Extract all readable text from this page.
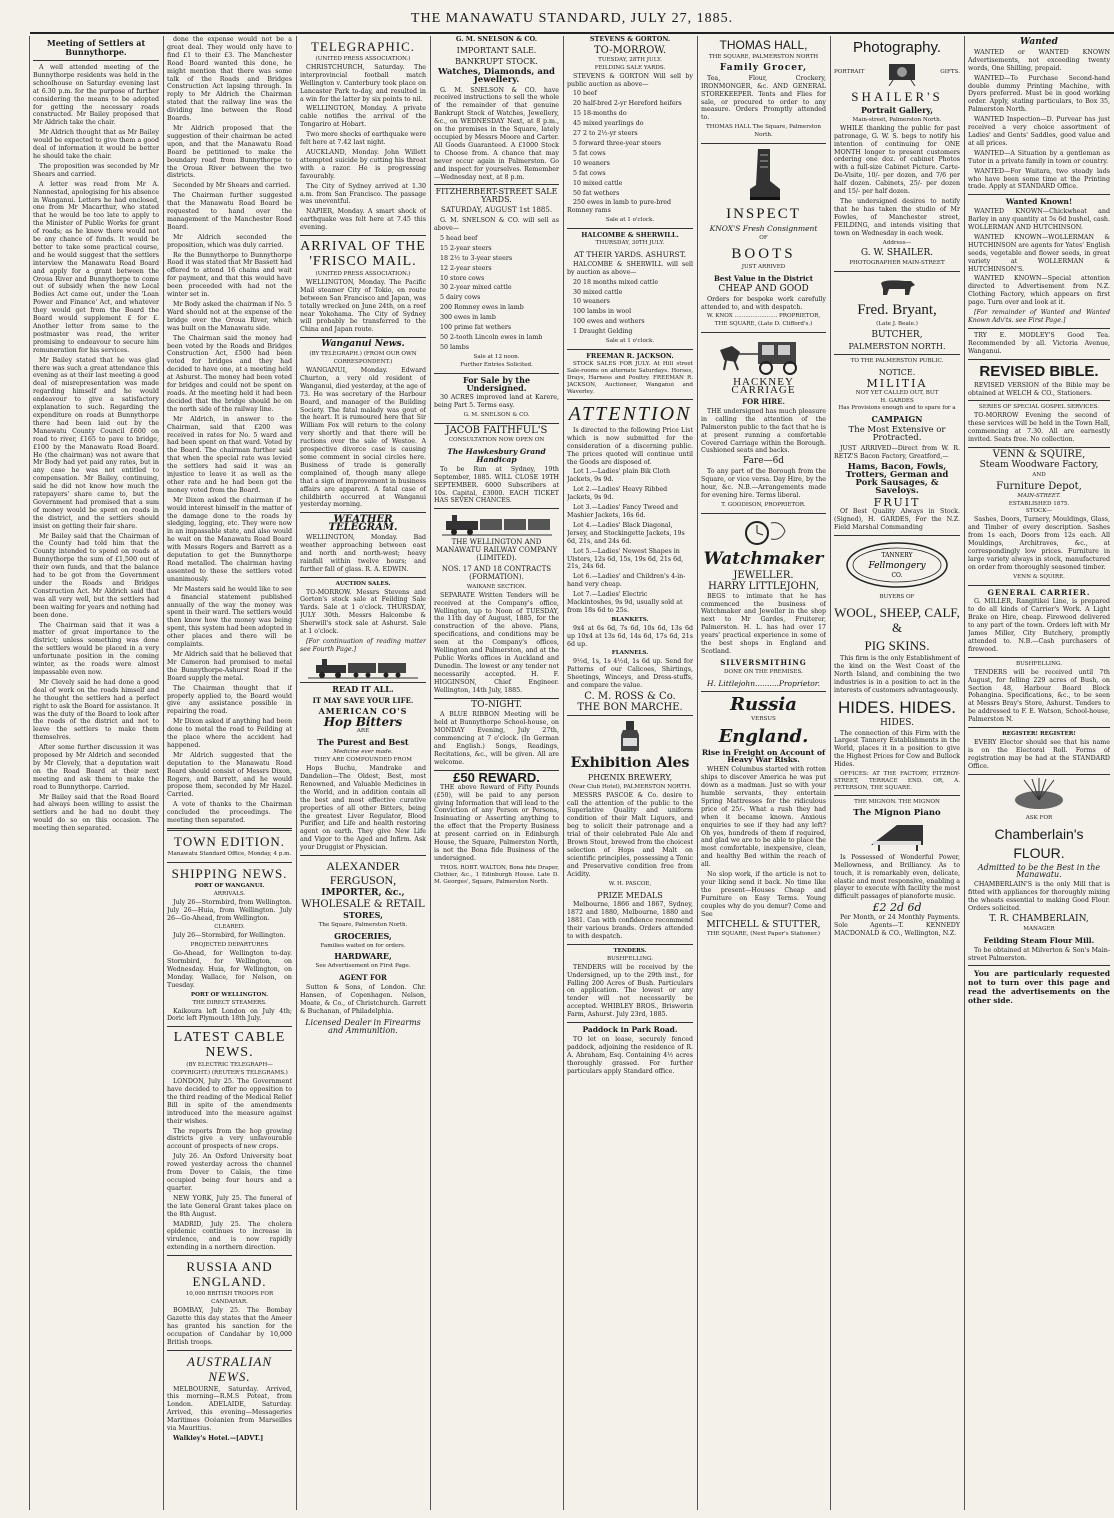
THE MANAWATU STANDARD, JULY 27, 1885.
Meeting of Settlers at Bunnythorpe.

A well attended meeting of the Bunnythorpe residents was held in the schoolhouse on Saturday evening last at 6.30 p.m. for the purpose of further considering the means to be adopted for getting the necessary roads constructed. Mr Bailey proposed that Mr Aldrich take the chair.

Mr Aldrich thought that as Mr Bailey would be expected to give them a good deal of information it would be better he should take the chair.

The proposition was seconded by Mr Shears and carried.

A letter was read from Mr A. Nannestad, apologising for his absence in Wanganui. Letters he had enclosed, one from Mr Macarthur, who stated that he would be too late to apply to the Minister of Public Works for grant of roads; as he knew there would not be any chance of funds. It would be better to take some practical course, and he would suggest that the settlers interview the Manawatu Road Board and apply for a grant between the Oroua River and Bunnythorpe to come out of subsidy when the new Local Bodies Act came out, under the 'Loan Power and Finance' Act, and whatever they would get from the Board the Board would supplement £ for £. Another letter from same to the postmaster was read, the writer promising to endeavour to secure him remuneration for his services.

Mr Bailey stated that he was glad there was such a great attendance this evening as at their last meeting a good deal of misrepresentation was made regarding himself and he would endeavour to give a satisfactory explanation to such. Regarding the expenditure on roads at Bunnythorpe there had been laid out by the Manawatu County Council £600 on road to river, £165 to pave to bridge, £100 by the Manawatu Road Board. He (the chairman) was not aware that Mr Body had yet paid any rates, but in any case he was not entitled to compensation. Mr Bailey, continuing, said he did not know how much the ratepayers' share came to, but the Government had promised that a sum of money would be spent on roads in the district, and the settlers should insist on getting their fair share.

Mr Bailey said that the Chairman of the County had told him that the County intended to spend on roads at Bunnythorpe the sum of £1,500 out of their own funds, and that the balance had to be got from the Government under the Roads and Bridges Construction Act. Mr Aldrich said that was all very well, but the settlers had been waiting for years and nothing had been done.

The Chairman said that it was a matter of great importance to the district; unless something was done the settlers would be placed in a very unfortunate position in the coming winter, as the roads were almost impassable even now.

Mr Clevely said he had done a good deal of work on the roads himself and he thought the settlers had a perfect right to ask the Board for assistance. It was the duty of the Board to look after the roads of the district and not to leave the settlers to make them themselves.

After some further discussion it was proposed by Mr Aldrich and seconded by Mr Clevely, that a deputation wait on the Road Board at their next meeting and ask them to make the road to Bunnythorpe. Carried.

Mr Bailey said that the Road Board had always been willing to assist the settlers and he had no doubt they would do so on this occasion. The meeting then separated.

done the expense would not be a great deal. They would only have to find £1 to their £3. The Manchester Road Board wanted this done, he might mention that there was some talk of the Roads and Bridges Construction Act lapsing through. In reply to Mr Aldrich the Chairman stated that the railway line was the dividing line between the Road Boards.

Mr Aldrich proposed that the suggestion of their chairman be acted upon, and that the Manawatu Road Board be petitioned to make the boundary road from Bunnythorpe to the Oroua River between the two districts.

Seconded by Mr Shears and carried.

The Chairman further suggested that the Manawatu Road Board be requested to hand over the management of the Manchester Road Board.

Mr Aldrich seconded the proposition, which was duly carried.

Re the Bunnythorpe to Bunnythorpe Road it was stated that Mr Bassett had offered to attend 16 chains and wait for payment, and that this would have been proceeded with had not the winter set in.

Mr Body asked the chairman if No. 5 Ward should not at the expense of the bridge over the Oroua River, which was built on the Manawatu side.

The Chairman said the money had been voted by the Roads and Bridges Construction Act, £500 had been voted for bridges and they had decided to have one, at a meeting held at Ashurst. The money had been voted for bridges and could not be spent on roads. At the meeting held it had been decided that the bridge should be on the north side of the railway line.

Mr Aldrich, in answer to the Chairman, said that £200 was received in rates for No. 5 ward and had been spent on that ward. Voted by the Board. The chairman further said that when the special rate was levied the settlers had said it was an injustice to leave it as well as the other rate and he had been got the money voted from the Board.

Mr Dixon asked the chairman if he would interest himself in the matter of the damage done to the roads by sledging, logging, etc. They were now in an impassable state, and also would he wait on the Manawatu Road Board with Messrs Rogers and Barrett as a deputation to get the Bunnythorpe Road metalled. The chairman having assented to these the settlers voted unanimously.

Mr Masters said he would like to see a financial statement published annually of the way the money was spent in their ward. The settlers would then know how the money was being spent, this system had been adopted in other places and there will be complaints.

Mr Aldrich said that he believed that Mr Cameron had promised to metal the Bunnythorpe-Ashurst Road if the Board supply the metal.

The Chairman thought that if properly applied to, the Board would give any assistance possible in repairing the road.

Mr Dixon asked if anything had been done to metal the road to Feilding at the place where the accident had happened.

Mr Aldrich suggested that the deputation to the Manawatu Road Board should consist of Messrs Dixon, Rogers, and Barrett, and he would propose them, seconded by Mr Hazel. Carried.

A vote of thanks to the Chairman concluded the proceedings. The meeting then separated.

TOWN EDITION.
Manawatu Standard Office, Monday, 4 p.m.
SHIPPING NEWS.
PORT OF WANGANUI.
ARRIVALS.

July 26—Stormbird, from Wellington. July 26—Huia, from Wellington. July 26—Go-Ahead, from Wellington.

CLEARED.

July 26—Stormbird, for Wellington.

PROJECTED DEPARTURES

Go-Ahead, for Wellington to-day. Stormbird, for Wellington, on Wednesday. Huia, for Wellington, on Monday. Wallace, for Nelson, on Tuesday.

PORT OF WELLINGTON.
THE DIRECT STEAMERS.

Kaikoura left London on July 4th; Doric left Plymouth 18th July.

LATEST CABLE NEWS.
(BY ELECTRIC TELEGRAPH—COPYRIGHT.) (REUTER'S TELEGRAMS.)

LONDON, July 25. The Government have decided to offer no opposition to the third reading of the Medical Relief Bill in spite of the amendments introduced into the measure against their wishes.

The reports from the hop growing districts give a very unfavourable account of prospects of new crops.

July 26. An Oxford University boat rowed yesterday across the channel from Dover to Calais, the time occupied being four hours and a quarter.

NEW YORK, July 25. The funeral of the late General Grant takes place on the 8th August.

MADRID, July 25. The cholera epidemic continues to increase in virulence, and is now rapidly extending in a northern direction.

RUSSIA AND ENGLAND.
10,000 BRITISH TROOPS FOR CANDAHAR.

BOMBAY, July 25. The Bombay Gazette this day states that the Ameer has granted his sanction for the occupation of Candahar by 10,000 British troops.

AUSTRALIAN NEWS.

MELBOURNE, Saturday. Arrived, this morning—R.M.S Poteat, from London. ADELAIDE, Saturday. Arrived, this evening—Messageries Maritimes Océanien from Marseilles via Mauritius.

Walkley's Hotel.—[ADVT.]

TELEGRAPHIC.
(UNITED PRESS ASSOCIATION.)

CHRISTCHURCH, Saturday. The interprovincial football match Wellington v. Canterbury took place on Lancaster Park to-day, and resulted in a win for the latter by six points to nil.

WELLINGTON, Monday. A private cable notifies the arrival of the Tongariro at Hobart.

Two more shocks of earthquake were felt here at 7.42 last night.

AUCKLAND, Monday. John Willett attempted suicide by cutting his throat with a razor. He is progressing favourably.

The City of Sydney arrived at 1.30 a.m. from San Francisco. The passage was uneventful.

NAPIER, Monday. A smart shock of earthquake was felt here at 7.45 this evening.

ARRIVAL OF THE 'FRISCO MAIL.
(UNITED PRESS ASSOCIATION.)

WELLINGTON, Monday. The Pacific Mail steamer City of Tokio, en route between San Francisco and Japan, was totally wrecked on June 24th, on a reef near Yokohama. The City of Sydney will probably be transferred to the China and Japan route.

Wanganui News.
(BY TELEGRAPH.) (FROM OUR OWN CORRESPONDENT.)

WANGANUI, Monday. Edward Churton, a very old resident of Wanganui, died yesterday, at the age of 73. He was secretary of the Harbour Board, and manager of the Building Society. The fatal malady was gout of the heart. It is rumoured here that Sir William Fox will return to the colony very shortly and that there will be ructions over the sale of Westoe. A prospective divorce case is causing some comment in social circles here. Business of trade is generally complained of, though many allege that a sign of improvement in business affairs are apparent. A fatal case of childbirth occurred at Wanganui yesterday morning.

WEATHER TELEGRAM.

WELLINGTON, Monday. Bad weather approaching between east and north and north-west; heavy rainfall within twelve hours; and further fall of glass. R. A. EDWIN.

AUCTION SALES.

TO-MORROW. Messrs Stevens and Gorton's stock sale at Feilding Sale Yards. Sale at 1 o'clock. THURSDAY, JULY 30th. Messrs Halcombe & Sherwill's stock sale at Ashurst. Sale at 1 o'clock.

[For continuation of reading matter see Fourth Page.]

READ IT ALL.
IT MAY SAVE YOUR LIFE.
AMERICAN CO'S
Hop Bitters
ARE
The Purest and Best
Medicine ever made.
THEY ARE COMPOUNDED FROM

Hops Buchu, Mandrake and Dandelion—The Oldest, Best, most Renowned, and Valuable Medicines in the World, and in addition contain all the best and most effective curative properties of all other Bitters, being the greatest Liver Regulator, Blood Purifier, and Life and health restoring agent on earth. They give New Life and Vigor to the Aged and Infirm. Ask your Druggist or Physician.

ALEXANDER FERGUSON,
IMPORTER, &c.,
WHOLESALE & RETAIL
STORES,
The Square, Palmerston North.
GROCERIES,
Families waited on for orders.
HARDWARE,
See Advertisement on First Page.
AGENT FOR

Sutton & Sons, of London. Chr. Hansen, of Copenhagen. Nelson, Moate, & Co., of Christchurch. Garrett & Buchanan, of Philadelphia.

Licensed Dealer in Firearms and Ammunition.
G. M. SNELSON & CO.
IMPORTANT SALE.
BANKRUPT STOCK.
Watches, Diamonds, and Jewellery.

G. M. SNELSON & CO. have received instructions to sell the whole of the remainder of that genuine Bankrupt Stock of Watches, Jewellery, &c., on WEDNESDAY Next, at 8 p.m., on the premises in the Square, lately occupied by Messrs Moore and Carter. All Goods Guaranteed. A £1000 Stock to Choose from. A chance that may never occur again in Palmerston. Go and inspect for yourselves. Remember—Wednesday next, at 8 p.m.

FITZHERBERT-STREET SALE YARDS.
SATURDAY, AUGUST 1st 1885.

G. M. SNELSON & CO. will sell as above—

5 head beef

15 2-year steers

18 2½ to 3-year steers

12 2-year steers

10 store cows

30 2-year mixed cattle

5 dairy cows

200 Romney ewes in lamb

300 ewes in lamb

100 prime fat wethers

50 2-tooth Lincoln ewes in lamb

50 lambs

Sale at 12 noon.
Further Entries Solicited.
For Sale by the Undersigned.

30 ACRES improved land at Karere, being Part 5. Terms easy.

G. M. SNELSON & CO.
JACOB FAITHFUL'S
CONSULTATION NOW OPEN ON
The Hawkesbury Grand Handicap

To be Run at Sydney, 19th September, 1885. WILL CLOSE 19TH SEPTEMBER. 6000 Subscribers at 10s. Capital, £3000. EACH TICKET HAS SEVEN CHANCES.

THE WELLINGTON AND MANAWATU RAILWAY COMPANY (LIMITED).
NOS. 17 AND 18 CONTRACTS (FORMATION).
WAIKANE SECTION.

SEPARATE Written Tenders will be received at the Company's office, Wellington, up to Noon of TUESDAY, the 11th day of August, 1885, for the construction of the above. Plans, specifications, and conditions may be seen at the Company's offices, Wellington and Palmerston, and at the Public Works offices in Auckland and Dunedin. The lowest or any tender not necessarily accepted. H. F. HIGGINSON, Chief Engineer. Wellington, 14th July, 1885.

TO-NIGHT.

A BLUE RIBBON Meeting will be held at Bunnythorpe School-house, on MONDAY Evening, July 27th, commencing at 7 o'clock. (In German and English.) Songs, Readings, Recitations, &c., will be given. All are welcome.

£50 REWARD.

THE above Reward of Fifty Pounds (£50), will be paid to any person giving Information that will lead to the Conviction of any Person or Persons, Insinuating or Asserting anything to the effect that the Property Business at present carried on in Edinburgh House, the Square, Palmerston North, is not the Bona fide Business of the undersigned.

THOS. ROBT. WALTON, Bona fide Draper, Clothier, &c., 1 Edinburgh House. Late D. M. Georges', Square, Palmerston North.

STEVENS & GORTON.
TO-MORROW.
TUESDAY, 28TH JULY.
FEILDING SALE YARDS.

STEVENS & GORTON Will sell by public auction as above—

10 beef

20 half-bred 2-yr Hereford heifers

15 18-months do

45 mixed yearlings do

27 2 to 2½-yr steers

5 forward three-year steers

5 fat cows

10 weaners

5 fat cows

10 mixed cattle

50 fat wethers

250 ewes in lamb to pure-bred Romney rams

Sale at 1 o'clock.
HALCOMBE & SHERWILL.
THURSDAY, 30TH JULY.
AT THEIR YARDS. ASHURST.

HALCOMBE & SHERWILL will sell by auction as above—

20 18 months mixed cattle

30 mixed cattle

10 weaners

100 lambs in wool

100 ewes and wethers

1 Draught Gelding

Sale at 1 o'clock.
FREEMAN R. JACKSON.

STOCK SALES FOR JULY. At Hill street Sale-rooms on alternate Saturdays. Horses, Drays, Harness and Poultry. FREEMAN R. JACKSON, Auctioneer, Wanganui and Waverley.

ATTENTION

Is directed to the following Price List which is now submitted for the consideration of a discerning public. The prices quoted will continue until the Goods are disposed of.

Lot 1.—Ladies' plain Bik Cloth Jackets, 9s 9d.

Lot 2.—Ladies' Heavy Ribbed Jackets, 9s 9d.

Lot 3.—Ladies' Fancy Tweed and Mashier Jackets, 16s 6d.

Lot 4.—Ladies' Black Diagonal, Jersey, and Stockingette Jackets, 19s 6d, 21s, and 24s 6d.

Lot 5.—Ladies' Newest Shapes in Ulsters, 12s 6d, 15s, 19s 6d, 21s 6d, 21s, 24s 6d.

Lot 6.—Ladies' and Children's 4-in-hand very cheap.

Lot 7.—Ladies' Electric Mackintoshes, 9s 9d, usually sold at from 18s 6d to 25s.

BLANKETS.

9x4 at 6s 6d, 7s 6d, 10s 6d, 13s 6d up 10x4 at 13s 6d, 14s 6d, 17s 6d, 21s 6d up.

FLANNELS.

9½d, 1s, 1s 4½d, 1s 6d up. Send for Patterns of our Calicoes, Shirtings, Sheetings, Winceys, and Dress-stuffs, and compare the value.

C. M. ROSS & Co.
THE BON MARCHE.
Exhibition Ales
PHŒNIX BREWERY,
(Near Club Hotel), PALMERSTON NORTH.

MESSRS PASCOE & Co. desire to call the attention of the public to the Superlative Quality and uniform condition of their Malt Liquors, and beg to solicit their patronage and a trial of their celebrated Pale Ale and Brown Stout, brewed from the choicest selection of Hops and Malt on scientific principles, possessing a Tonic and Preservative condition free from Acidity.

W. H. PASCOE,
PRIZE MEDALS

Melbourne, 1866 and 1867, Sydney, 1872 and 1880, Melbourne, 1880 and 1881. Can with confidence recommend their various brands. Orders attended to with despatch.

TENDERS.
BUSHFELLING.

TENDERS will be received by the Undersigned, up to the 29th inst., for Falling 200 Acres of Bush. Particulars on application. The lowest or any tender will not necessarily be accepted. WHIBLEY BROS., Briswerin Farm, Ashurst. July 23rd, 1885.

Paddock in Park Road.

TO let on lease, securely fenced paddock, adjoining the residence of R. A. Abraham, Esq. Containing 4½ acres thoroughly grassed. For further particulars apply Standard office.

THOMAS HALL,
THE SQUARE, PALMERSTON NORTH
Family Grocer,

Tea, Flour, Crockery, IRONMONGER, &c. AND GENERAL STOREKEEPER. Tents and Flies for sale, or procured to order to any measure. Orders Promptly attended to.

THOMAS HALL The Square, Palmerston North.
INSPECT
KNOX'S Fresh Consignment
OF
BOOTS
JUST ARRIVED
Best Value in the District
CHEAP AND GOOD

Orders for bespoke work carefully attended to, and with despatch.

W. KNOX ........................ PROPRIETOR, THE SQUARE, (Late D. Clifford's.)
HACKNEY CARRIAGE
FOR HIRE.

THE undersigned has much pleasure in calling the attention of the Palmerston public to the fact that he is at present running a comfortable Covered Carriage within the Borough. Cushioned seats and backs.

Fare—6d

To any part of the Borough from the Square, or vice versa. Day Hire, by the hour, &c. N.B.—Arrangements made for evening hire. Terms liberal.

T. GOODISON, PROPRIETOR.
Watchmaker
JEWELLER.
HARRY LITTLEJOHN,

BEGS to intimate that he has commenced the business of Watchmaker and Jeweller in the shop next to Mr Gardes, Fruiterer, Palmerston. H. L. has had over 17 years' practical experience in some of the best shops in England and Scotland.

SILVERSMITHING
DONE ON THE PREMISES.
H. Littlejohn..........Proprietor.
Russia
VERSUS
England.
Rise in Freight on Account of Heavy War Risks.

WHEN Columbus started with rotten ships to discover America he was put down as a madman. Just so with your humble servants, they entertain Spring Mattresses for the ridiculous price of 25/-. What a rush they had when it became known. Anxious enquiries to see if they had any left? Oh yes, hundreds of them if required, and glad we are to be able to place the most comfortable, inexpensive, clean, and healthy Bed within the reach of all.

No slop work, if the article is not to your liking send it back. No time like the present—Houses Cheap and Furniture on Easy Terms. Young couples why do you demur? Come and See

MITCHELL & STUTTER,
THE SQUARE, (Next Paper's Stationer.)
Photography.
PORTRAIT	GIFTS.
SHAILER'S
Portrait Gallery,
Main-street, Palmerston North.

WHILE thanking the public for past patronage, G. W. S. begs to notify his intention of continuing for ONE MONTH longer to present customers ordering one doz. of cabinet Photos with a full-size Cabinet Picture. Carte-De-Visite, 10/- per dozen, and 7/6 per half dozen. Cabinets, 25/- per dozen and 15/- per half dozen.

The undersigned desires to notify that he has taken the studio of Mr Fowles, of Manchester street, FEILDING, and intends visiting that town on Wednesday in each week.

Address—
G. W. SHAILER.
PHOTOGRAPHER MAIN-STREET
Fred. Bryant,
(Late J. Beale.)
BUTCHER,
PALMERSTON NORTH.
TO THE PALMERSTON PUBLIC.
NOTICE.
MILITIA
NOT YET CALLED OUT, BUT
H. GARDES
Has Provisions enough and to spare for a
CAMPAIGN
The Most Extensive or Protracted.

JUST ARRIVED—Direct from W. R. RETZ'S Bacon Factory, Greatford,—

Hams, Bacon, Fowls, Trotters, German and Pork Sausages, & Saveloys.
FRUIT

Of Best Quality Always in Stock. (Signed), H. GARDES, For the N.Z. Field Marshal Commanding

TANNERY
Fellmongery
CO.
BUYERS OF
WOOL, SHEEP, CALF, &
PIG SKINS.

This firm is the only Establishment of the kind on the West Coast of the North Island, and combining the two industries is in a position to act in the interests of customers advantageously.

HIDES. HIDES.
HIDES.

The connection of this Firm with the Largest Tannery Establishments in the World, places it in a position to give the Highest Prices for Cow and Bullock Hides.

OFFICES: AT THE FACTORY, FITZROY-STREET, TERRACE END. OR, A. PETERSON, THE SQUARE.

THE MIGNON. THE MIGNON
The Mignon Piano

Is Possessed of Wonderful Power, Mellowness, and Brilliancy. As to touch, it is remarkably even, delicate, elastic and most responsive, enabling a player to execute with facility the most difficult passages of pianoforte music.

£2 2d 6d

Per Month, or 24 Monthly Payments. Sole Agents—T. KENNEDY MACDONALD & CO., Wellington, N.Z.

Wanted

WANTED or WANTED KNOWN Advertisements, not exceeding twenty words, One Shilling, prepaid.

WANTED—To Purchase Second-hand double dummy Printing Machine, with Dyers preferred. Must be in good working order. Apply, stating particulars, to Box 35, Palmerston North.

WANTED Inspection—D. Purvear has just received a very choice assortment of Ladies' and Gents' Saddles, good value and at all prices.

WANTED—A Situation by a gentleman as Tutor in a private family in town or country.

WANTED—For Waitara, two steady lads who have been some time at the Printing trade. Apply at STANDARD Office.

Wanted Known!

WANTED KNOWN—Chickwheat and Barley in any quantity at 5s 6d bushel, cash. WOLLERMAN AND HUTCHINSON.

WANTED KNOWN—WOLLERMAN & HUTCHINSON are agents for Yates' English seeds, vegetable and flower seeds, in great variety at WOLLERMAN & HUTCHINSON'S.

WANTED KNOWN—Special attention directed to Advertisement from N.Z. Clothing Factory, which appears on first page. Turn over and look at it.

[For remainder of Wanted and Wanted Known Adv'ts. see First Page.]

TRY E. MODLEY'S Good Tea. Recommended by all. Victoria Avenue, Wanganui.

REVISED BIBLE.

REVISED VERSION of the Bible may be obtained at WELCH & CO., Stationers.

SERIES OF SPECIAL GOSPEL SERVICES.

TO-MORROW Evening the second of these services will be held in the Town Hall, commencing at 7.30. All are earnestly invited. Seats free. No collection.

VENN & SQUIRE,
Steam Woodware Factory,
AND
Furniture Depot,
MAIN-STREET.
ESTABLISHED 1875.
STOCK—

Sashes, Doors, Turnery, Mouldings, Glass, and Timber of every description. Sashes from 1s each, Doors from 12s each. All Mouldings, Architraves, &c., at correspondingly low prices. Furniture in large variety always in stock, manufactured on order from thoroughly seasoned timber.

VENN & SQUIRE.
GENERAL CARRIER.

G. MILLER, Rangitikei Line, is prepared to do all kinds of Carrier's Work. A Light Brake on Hire, cheap. Firewood delivered to any part of the town. Orders left with Mr James Miller, City Butchery, promptly attended to. N.B.—Cash purchasers of firewood.

BUSHFELLING.

TENDERS will be received until 7th August, for felling 229 acres of Bush, on Section 48, Harbour Board Block Pohangina. Specifications, &c., to be seen at Messrs Bray's Store, Ashurst. Tenders to be addressed to F. E. Watson, School-house, Palmerston N.

REGISTER! REGISTER!

EVERY Elector should see that his name is on the Electoral Roll. Forms of registration may be had at the STANDARD Office.

ASK FOR
Chamberlain's
FLOUR.
Admitted to be the Best in the Manawatu.

CHAMBERLAIN'S is the only Mill that is fitted with appliances for thoroughly mixing the wheats essential to making Good Flour. Orders solicited.

T. R. CHAMBERLAIN,
MANAGER
Feilding Steam Flour Mill.

To be obtained at Milverton & Son's Main-street Palmerston.

You are particularly requested not to turn over this page and read the advertisements on the other side.
